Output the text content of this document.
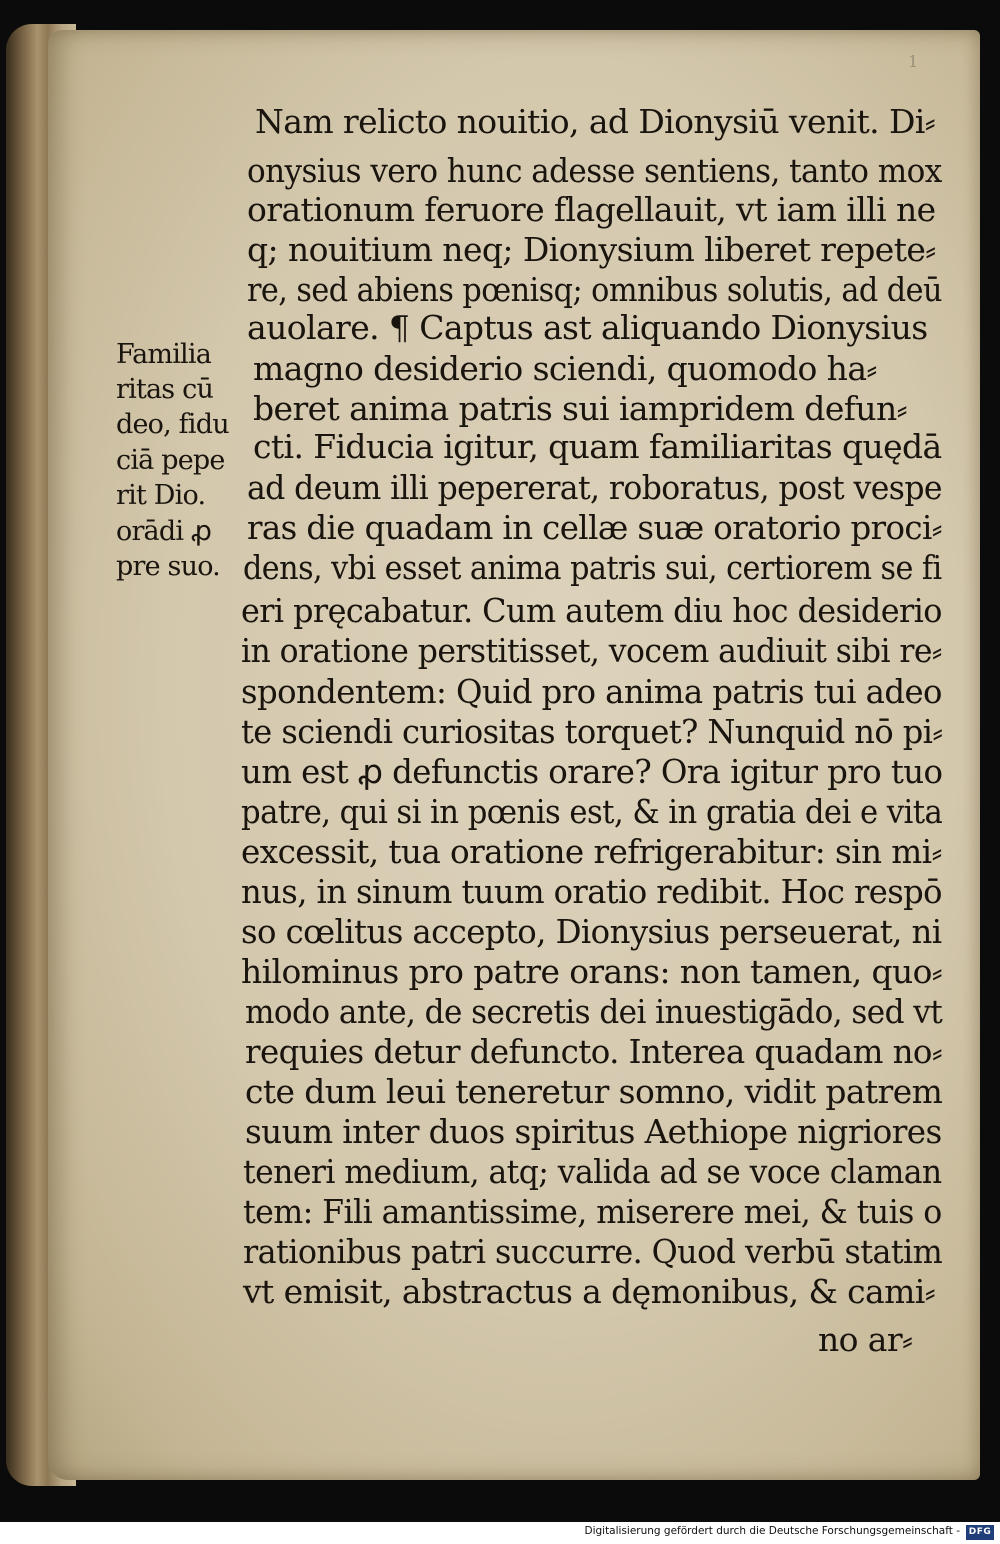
1
Nam relicto nouitio, ad Dionysiū venit. Di⸗
onysius vero hunc adesse sentiens, tanto mox
orationum feruore flagellauit, vt iam illi ne
q; nouitium neq; Dionysium liberet repete⸗
re, sed abiens pœnisq; omnibus solutis, ad deū
auolare. ¶ Captus ast aliquando Dionysius
magno desiderio sciendi, quomodo ha⸗
beret anima patris sui iampridem defun⸗
cti. Fiducia igitur, quam familiaritas quędā
ad deum illi pepererat, roboratus, post vespe
ras die quadam in cellæ suæ oratorio proci⸗
dens, vbi esset anima patris sui, certiorem se fi
eri pręcabatur. Cum autem diu hoc desiderio
in oratione perstitisset, vocem audiuit sibi re⸗
spondentem: Quid pro anima patris tui adeo
te sciendi curiositas torquet? Nunquid nō pi⸗
um est ꝓ defunctis orare? Ora igitur pro tuo
patre, qui si in pœnis est, & in gratia dei e vita
excessit, tua oratione refrigerabitur: sin mi⸗
nus, in sinum tuum oratio redibit. Hoc respō
so cœlitus accepto, Dionysius perseuerat, ni
hilominus pro patre orans: non tamen, quo⸗
modo ante, de secretis dei inuestigādo, sed vt
requies detur defuncto. Interea quadam no⸗
cte dum leui teneretur somno, vidit patrem
suum inter duos spiritus Aethiope nigriores
teneri medium, atq; valida ad se voce claman
tem: Fili amantissime, miserere mei, & tuis o
rationibus patri succurre. Quod verbū statim
vt emisit, abstractus a dęmonibus, & cami⸗
no ar⸗
Familia
ritas cū
deo, fidu
ciā pepe
rit Dio.
orādi ꝓ
pre suo.
Digitalisierung gefördert durch die Deutsche Forschungsgemeinschaft - DFG
